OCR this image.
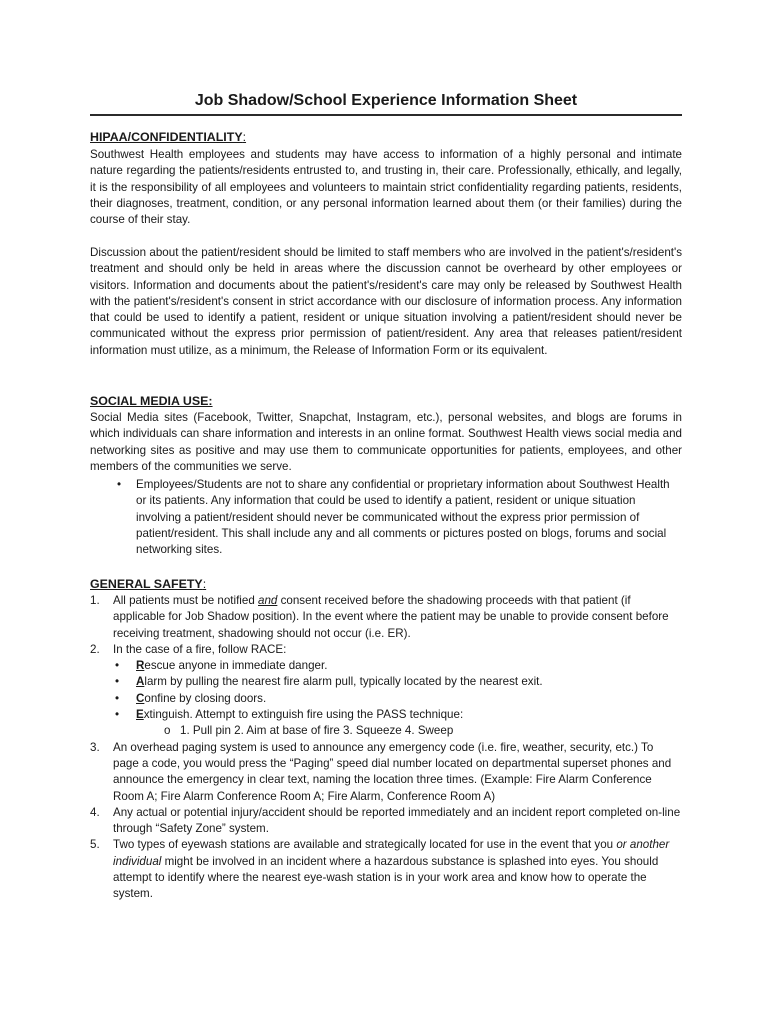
Job Shadow/School Experience Information Sheet
HIPAA/CONFIDENTIALITY:
Southwest Health employees and students may have access to information of a highly personal and intimate nature regarding the patients/residents entrusted to, and trusting in, their care. Professionally, ethically, and legally, it is the responsibility of all employees and volunteers to maintain strict confidentiality regarding patients, residents, their diagnoses, treatment, condition, or any personal information learned about them (or their families) during the course of their stay.
Discussion about the patient/resident should be limited to staff members who are involved in the patient's/resident's treatment and should only be held in areas where the discussion cannot be overheard by other employees or visitors. Information and documents about the patient's/resident's care may only be released by Southwest Health with the patient's/resident's consent in strict accordance with our disclosure of information process. Any information that could be used to identify a patient, resident or unique situation involving a patient/resident should never be communicated without the express prior permission of patient/resident. Any area that releases patient/resident information must utilize, as a minimum, the Release of Information Form or its equivalent.
SOCIAL MEDIA USE:
Social Media sites (Facebook, Twitter, Snapchat, Instagram, etc.), personal websites, and blogs are forums in which individuals can share information and interests in an online format. Southwest Health views social media and networking sites as positive and may use them to communicate opportunities for patients, employees, and other members of the communities we serve.
• Employees/Students are not to share any confidential or proprietary information about Southwest Health or its patients. Any information that could be used to identify a patient, resident or unique situation involving a patient/resident should never be communicated without the express prior permission of patient/resident. This shall include any and all comments or pictures posted on blogs, forums and social networking sites.
GENERAL SAFETY:
1. All patients must be notified and consent received before the shadowing proceeds with that patient (if applicable for Job Shadow position). In the event where the patient may be unable to provide consent before receiving treatment, shadowing should not occur (i.e. ER).
2. In the case of a fire, follow RACE:
• Rescue anyone in immediate danger.
• Alarm by pulling the nearest fire alarm pull, typically located by the nearest exit.
• Confine by closing doors.
• Extinguish. Attempt to extinguish fire using the PASS technique:
o 1. Pull pin 2. Aim at base of fire 3. Squeeze 4. Sweep
3. An overhead paging system is used to announce any emergency code (i.e. fire, weather, security, etc.) To page a code, you would press the “Paging” speed dial number located on departmental superset phones and announce the emergency in clear text, naming the location three times. (Example: Fire Alarm Conference Room A; Fire Alarm Conference Room A; Fire Alarm, Conference Room A)
4. Any actual or potential injury/accident should be reported immediately and an incident report completed on-line through “Safety Zone” system.
5. Two types of eyewash stations are available and strategically located for use in the event that you or another individual might be involved in an incident where a hazardous substance is splashed into eyes. You should attempt to identify where the nearest eye-wash station is in your work area and know how to operate the system.
